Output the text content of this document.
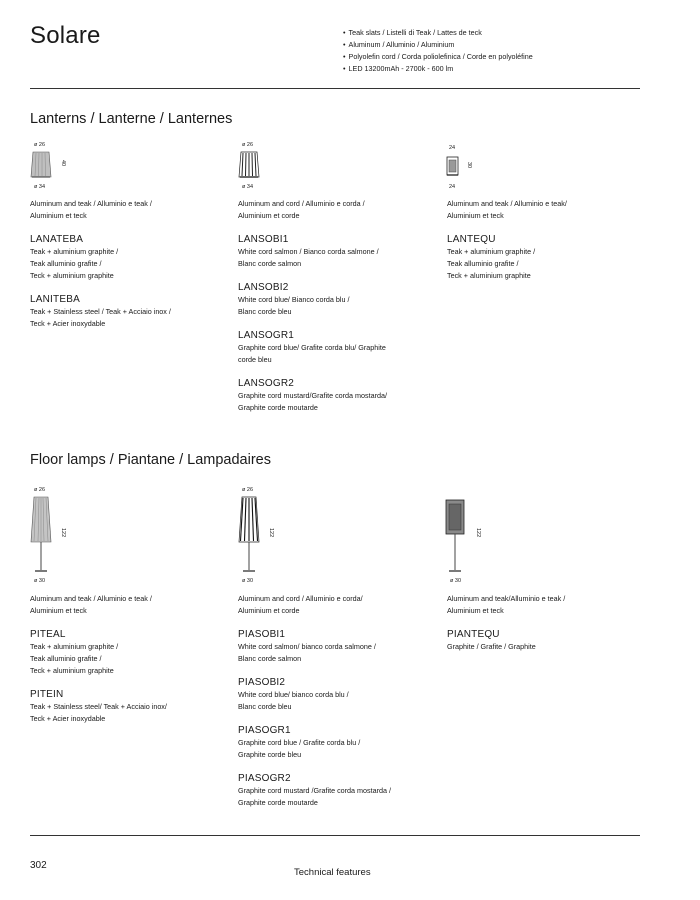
Solare
•	Teak slats / Listelli di Teak / Lattes de teck
• Aluminum / Alluminio / Aluminium
• Polyolefin cord / Corda poliolefinica / Corde en polyoléfine
• LED 13200mAh - 2700k - 600 lm
Lanterns / Lanterne / Lanternes
ø 26
40
ø 34
Aluminum and teak / Alluminio e teak /
Aluminium et teck
LANATEBA
Teak + aluminium graphite /
Teak alluminio grafite /
Teck + aluminium graphite
LANITEBA
Teak + Stainless steel / Teak + Acciaio inox /
Teck + Acier inoxydable
ø 26
ø 34
Aluminum and cord / Alluminio e corda /
Aluminium et corde
LANSOBI1
White cord salmon / Bianco corda salmone /
Blanc corde salmon
LANSOBI2
White cord blue/ Bianco corda blu /
Blanc corde bleu
LANSOGR1
Graphite cord blue/ Grafite corda blu/ Graphite
corde bleu
LANSOGR2
Graphite cord mustard/Grafite corda mostarda/
Graphite corde moutarde
24
30
24
Aluminum and teak / Alluminio e teak/
Aluminium et teck
LANTEQU
Teak + aluminium graphite /
Teak alluminio grafite /
Teck + aluminium graphite
Floor lamps / Piantane / Lampadaires
ø 26
122
ø 30
Aluminum and teak / Alluminio e teak /
Aluminium et teck
PITEAL
Teak + aluminium graphite /
Teak alluminio grafite /
Teck + aluminium graphite
PITEIN
Teak + Stainless steel/ Teak + Acciaio inox/
Teck + Acier inoxydable
ø 26
122
ø 30
Aluminum and cord / Alluminio e corda/
Aluminium et corde
PIASOBI1
White cord salmon/ bianco corda salmone /
Blanc corde salmon
PIASOBI2
White cord blue/ bianco corda blu /
Blanc corde bleu
PIASOGR1
Graphite cord blue / Grafite corda blu /
Graphite corde bleu
PIASOGR2
Graphite cord mustard /Grafite corda mostarda /
Graphite corde moutarde
122
ø 30
Aluminum and teak/Alluminio e teak /
Aluminium et teck
PIANTEQU
Graphite / Grafite / Graphite
302
Technical features
